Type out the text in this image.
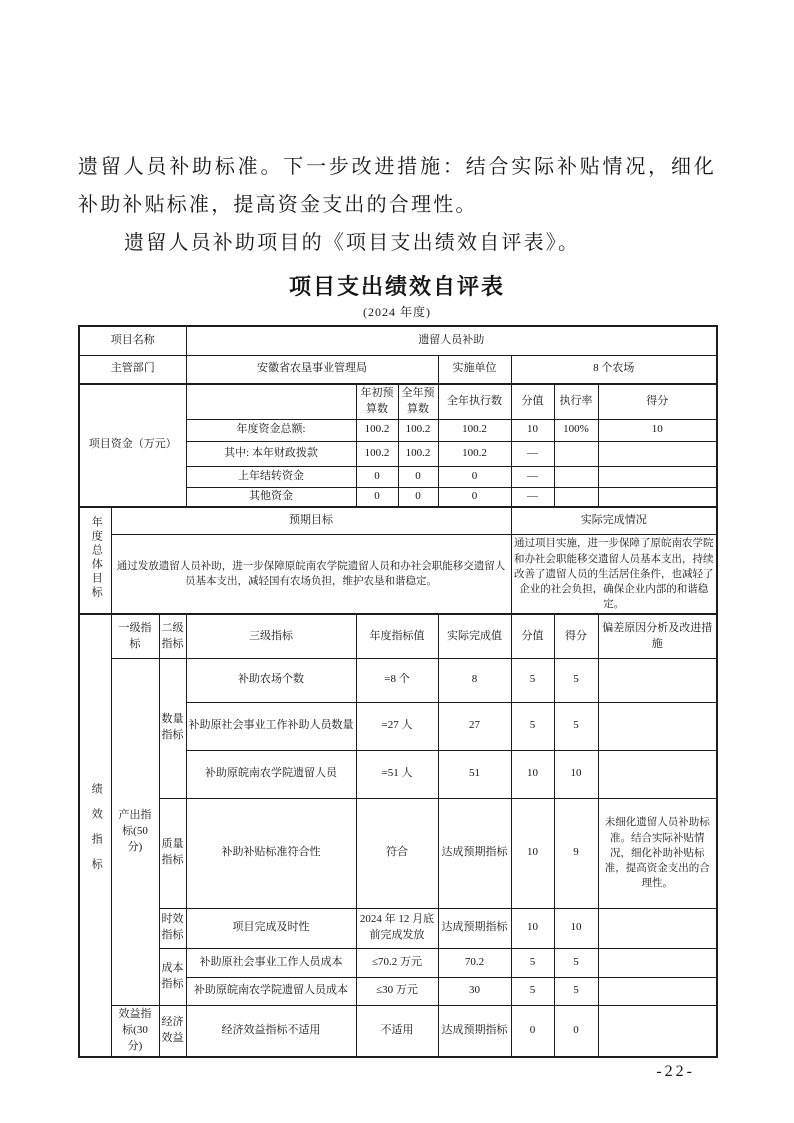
遗留人员补助标准。下一步改进措施：结合实际补贴情况，细化补助补贴标准，提高资金支出的合理性。

遗留人员补助项目的《项目支出绩效自评表》。

项目支出绩效自评表
(2024 年度)
项目名称			遗留人员补助						
主管部门			安徽省农垦事业管理局			实施单位	8 个农场		
项目资金（万元）				年初预算数	全年预算数	全年执行数	分值	执行率	得分
			年度资金总额:	100.2	100.2	100.2	10	100%	10
			其中: 本年财政拨款	100.2	100.2	100.2	—		
			上年结转资金	0	0	0	—		
			其他资金	0	0	0	—		
年度总体目标	预期目标						实际完成情况		
	通过发放遗留人员补助，进一步保障原皖南农学院遗留人员和办社会职能移交遗留人员基本支出，减轻国有农场负担，维护农垦和谐稳定。						通过项目实施，进一步保障了原皖南农学院和办社会职能移交遗留人员基本支出，持续改善了遗留人员的生活居住条件，也减轻了企业的社会负担，确保企业内部的和谐稳定。		
绩效指标	一级指标	二级指标	三级指标	年度指标值		实际完成值	分值	得分	偏差原因分析及改进措施
	产出指标(50 分)	数量指标	补助农场个数	=8 个		8	5	5	
			补助原社会事业工作补助人员数量	=27 人		27	5	5	
			补助原皖南农学院遗留人员	=51 人		51	10	10	
		质量指标	补助补贴标准符合性	符合		达成预期指标	10	9	未细化遗留人员补助标准。结合实际补贴情况，细化补助补贴标准，提高资金支出的合理性。
		时效指标	项目完成及时性	2024 年 12 月底前完成发放		达成预期指标	10	10	
		成本指标	补助原社会事业工作人员成本	≤70.2 万元		70.2	5	5	
			补助原皖南农学院遗留人员成本	≤30 万元		30	5	5	
	效益指标(30 分)	经济效益	经济效益指标不适用	不适用		达成预期指标	0	0	
-22-
